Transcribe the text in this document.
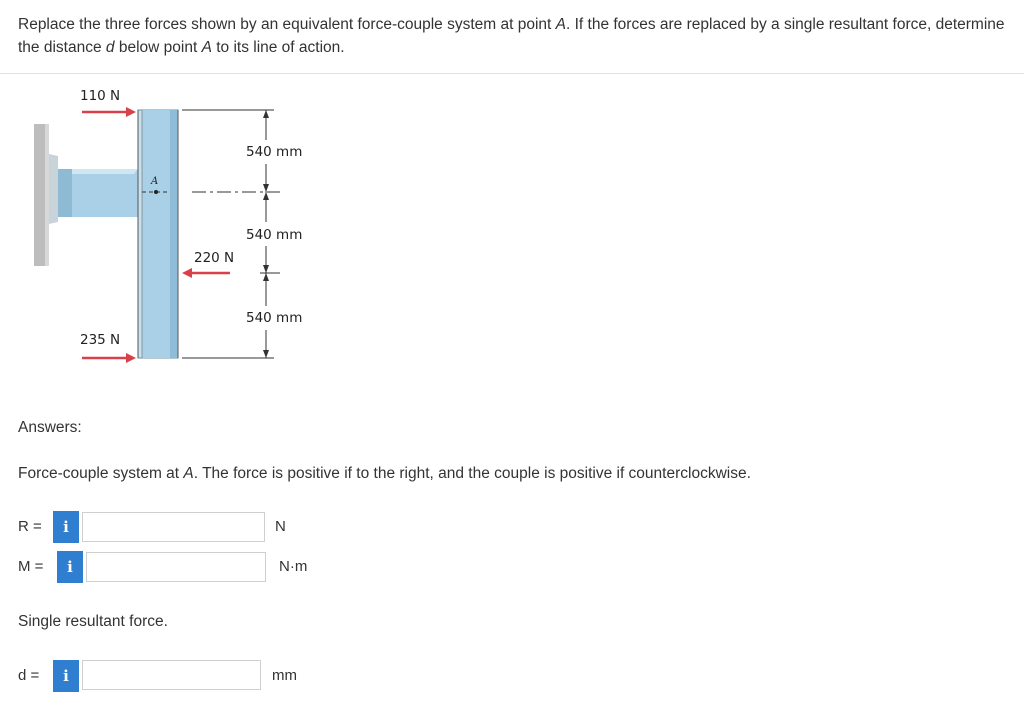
Replace the three forces shown by an equivalent force-couple system at point A. If the forces are replaced by a single resultant force, determine the distance d below point A to its line of action.
A
110 N
220 N
235 N
540 mm
540 mm
540 mm
Answers:
Force-couple system at A. The force is positive if to the right, and the couple is positive if counterclockwise.
R = i	N
M = i	N·m
Single resultant force.
d = i	mm
